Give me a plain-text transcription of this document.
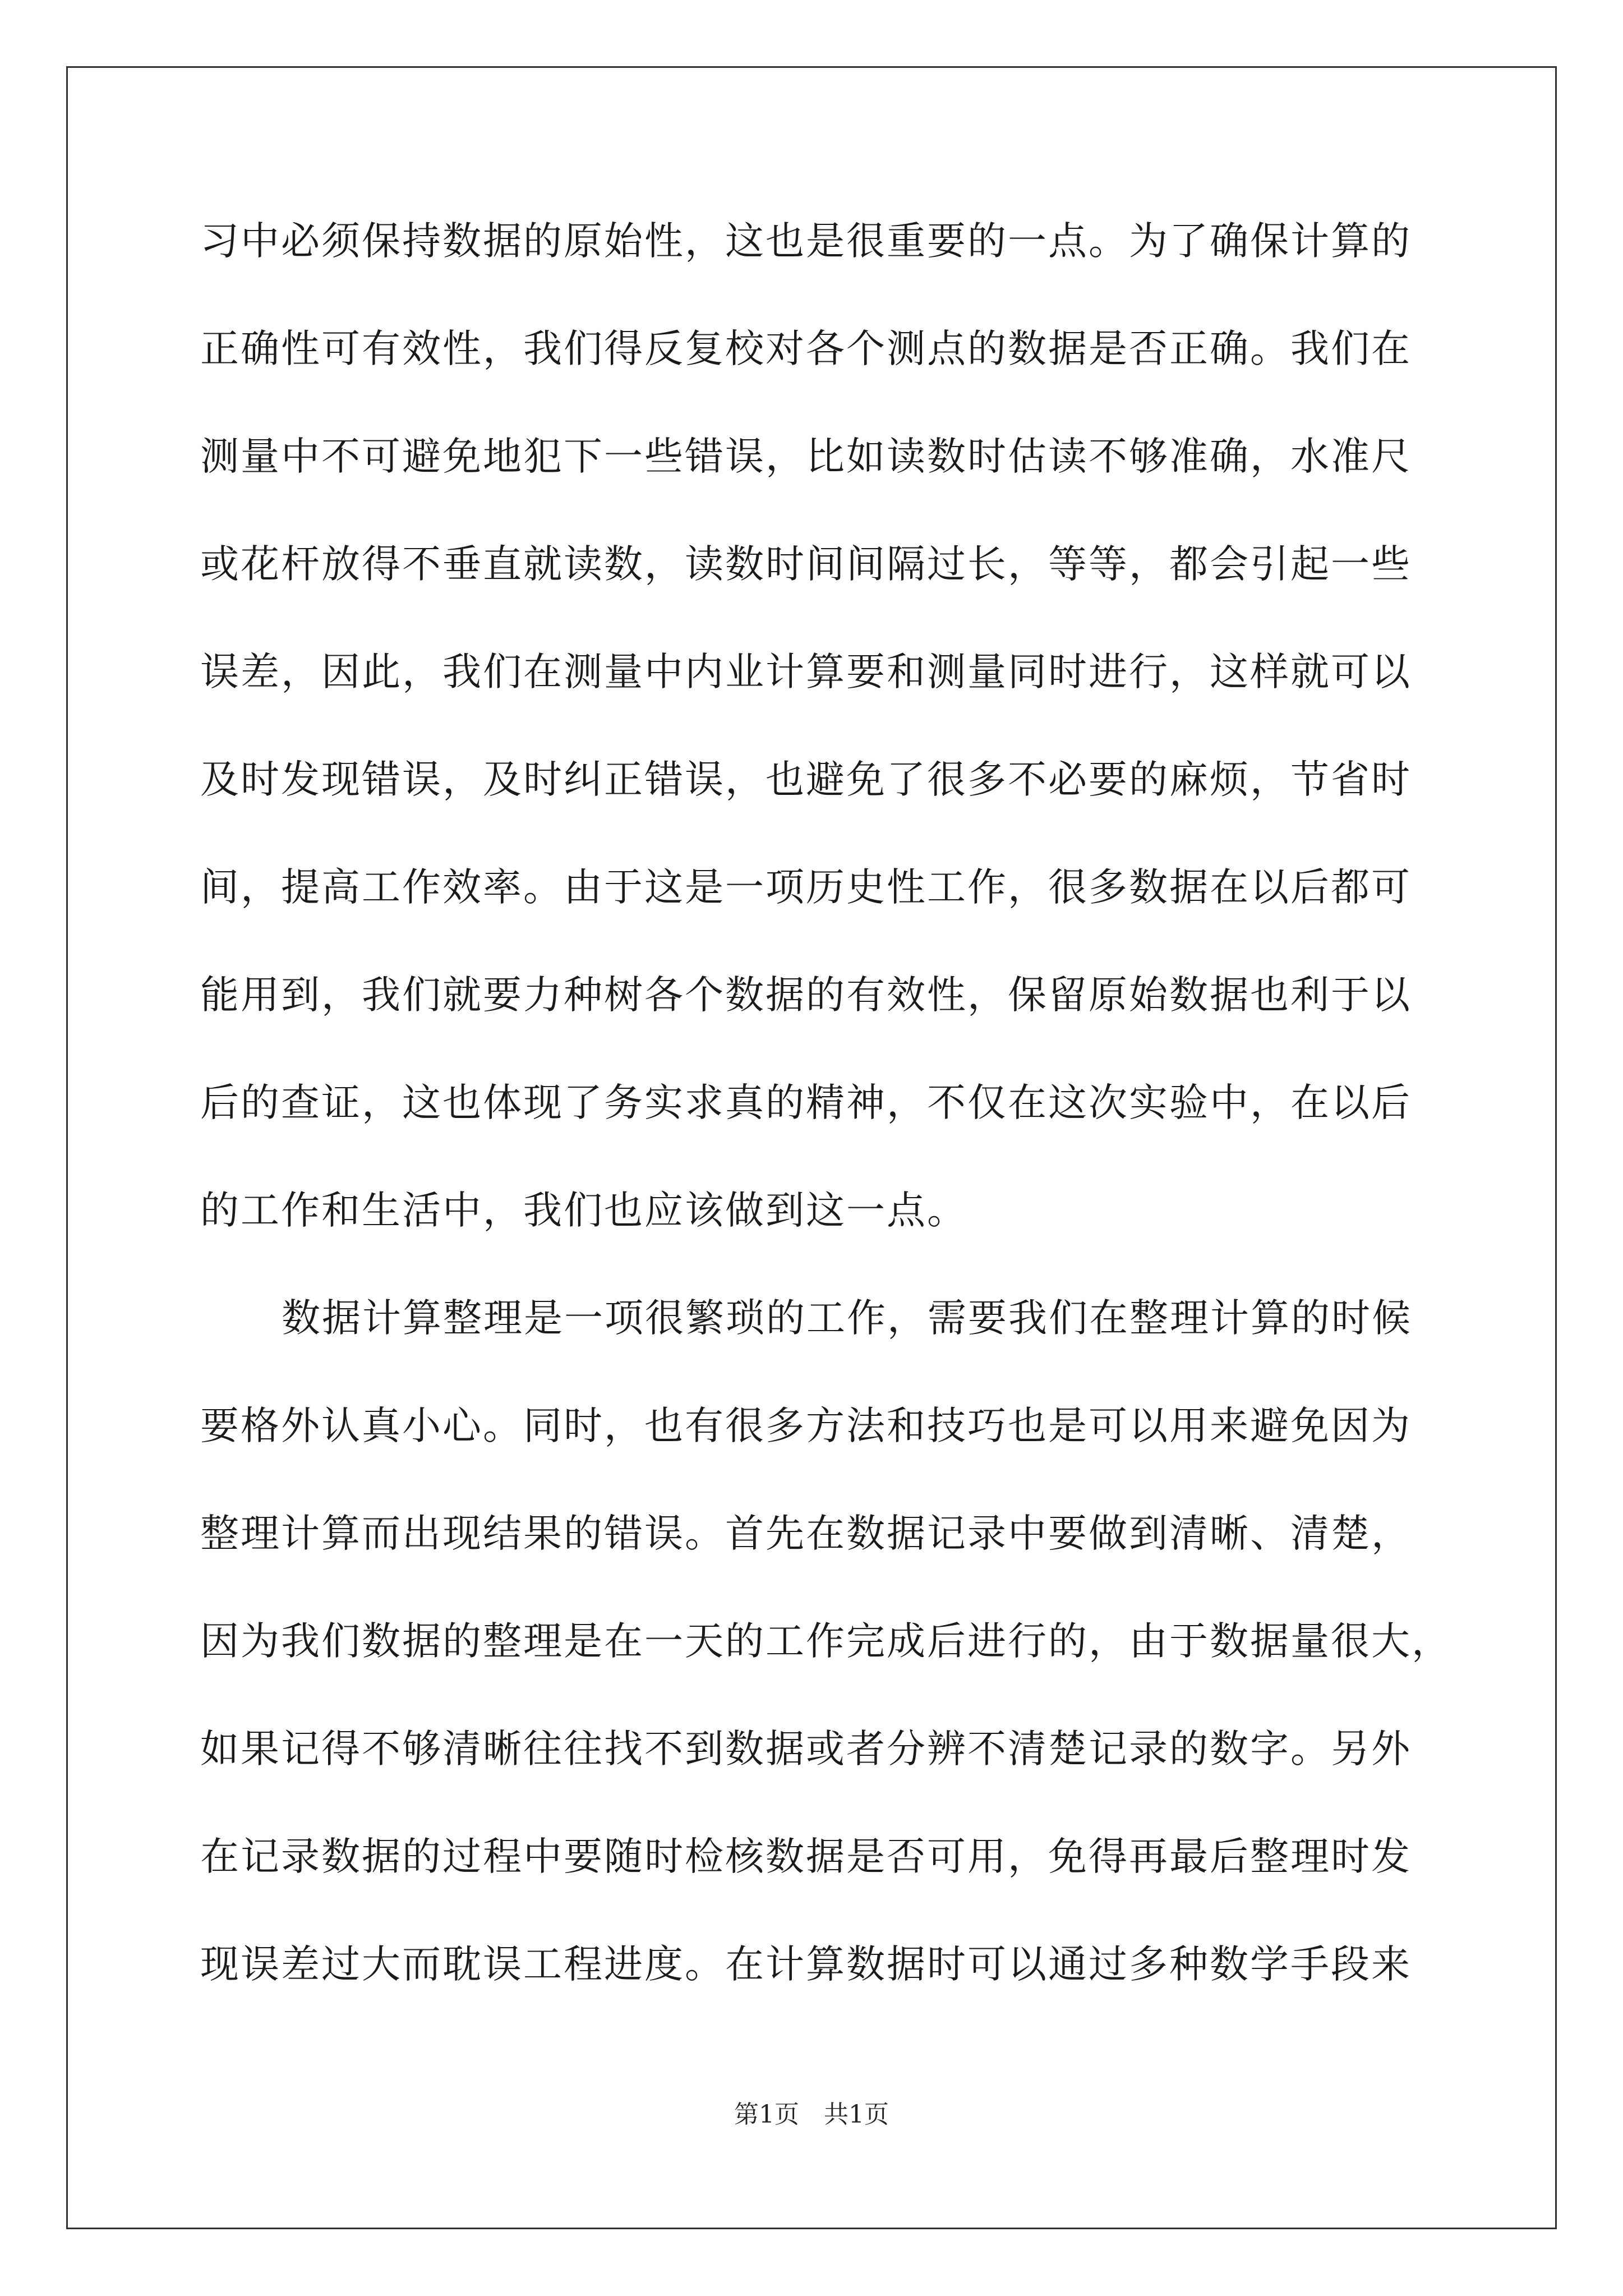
习中必须保持数据的原始性，这也是很重要的一点。为了确保计算的
正确性可有效性，我们得反复校对各个测点的数据是否正确。我们在
测量中不可避免地犯下一些错误，比如读数时估读不够准确，水准尺
或花杆放得不垂直就读数，读数时间间隔过长，等等，都会引起一些
误差，因此，我们在测量中内业计算要和测量同时进行，这样就可以
及时发现错误，及时纠正错误，也避免了很多不必要的麻烦，节省时
间，提高工作效率。由于这是一项历史性工作，很多数据在以后都可
能用到，我们就要力种树各个数据的有效性，保留原始数据也利于以
后的查证，这也体现了务实求真的精神，不仅在这次实验中，在以后
的工作和生活中，我们也应该做到这一点。
数据计算整理是一项很繁琐的工作，需要我们在整理计算的时候
要格外认真小心。同时，也有很多方法和技巧也是可以用来避免因为
整理计算而出现结果的错误。首先在数据记录中要做到清晰、清楚，
因为我们数据的整理是在一天的工作完成后进行的，由于数据量很大，
如果记得不够清晰往往找不到数据或者分辨不清楚记录的数字。另外
在记录数据的过程中要随时检核数据是否可用，免得再最后整理时发
现误差过大而耽误工程进度。在计算数据时可以通过多种数学手段来
第1页　共1页
